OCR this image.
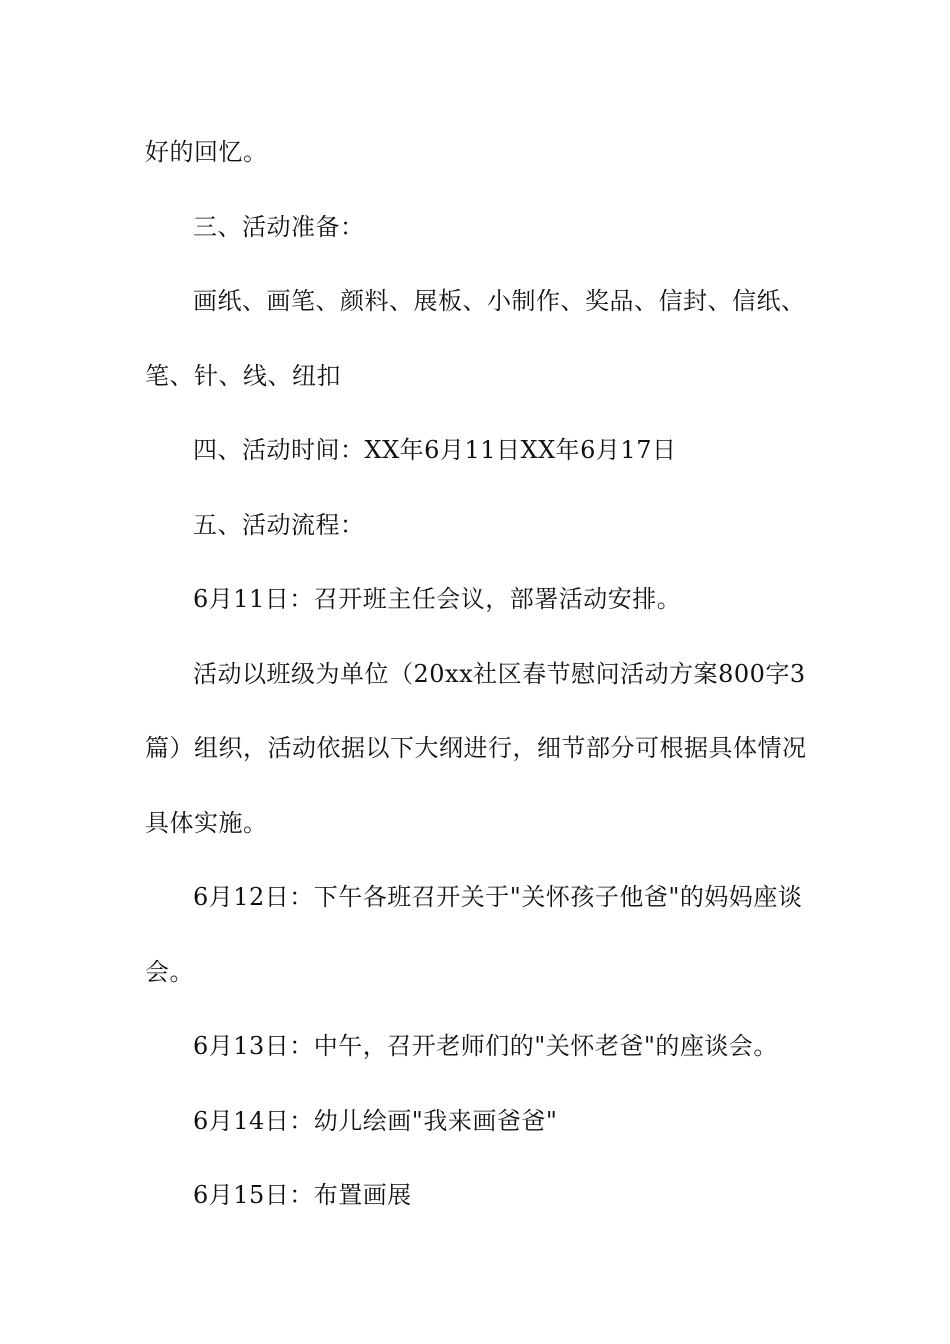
好的回忆。
三、活动准备：
画纸、画笔、颜料、展板、小制作、奖品、信封、信纸、
笔、针、线、纽扣
四、活动时间：XX年6月11日XX年6月17日
五、活动流程：
6月11日：召开班主任会议，部署活动安排。
活动以班级为单位（20xx社区春节慰问活动方案800字3
篇）组织，活动依据以下大纲进行，细节部分可根据具体情况
具体实施。
6月12日：下午各班召开关于"关怀孩子他爸"的妈妈座谈
会。
6月13日：中午，召开老师们的"关怀老爸"的座谈会。
6月14日：幼儿绘画"我来画爸爸"
6月15日：布置画展
